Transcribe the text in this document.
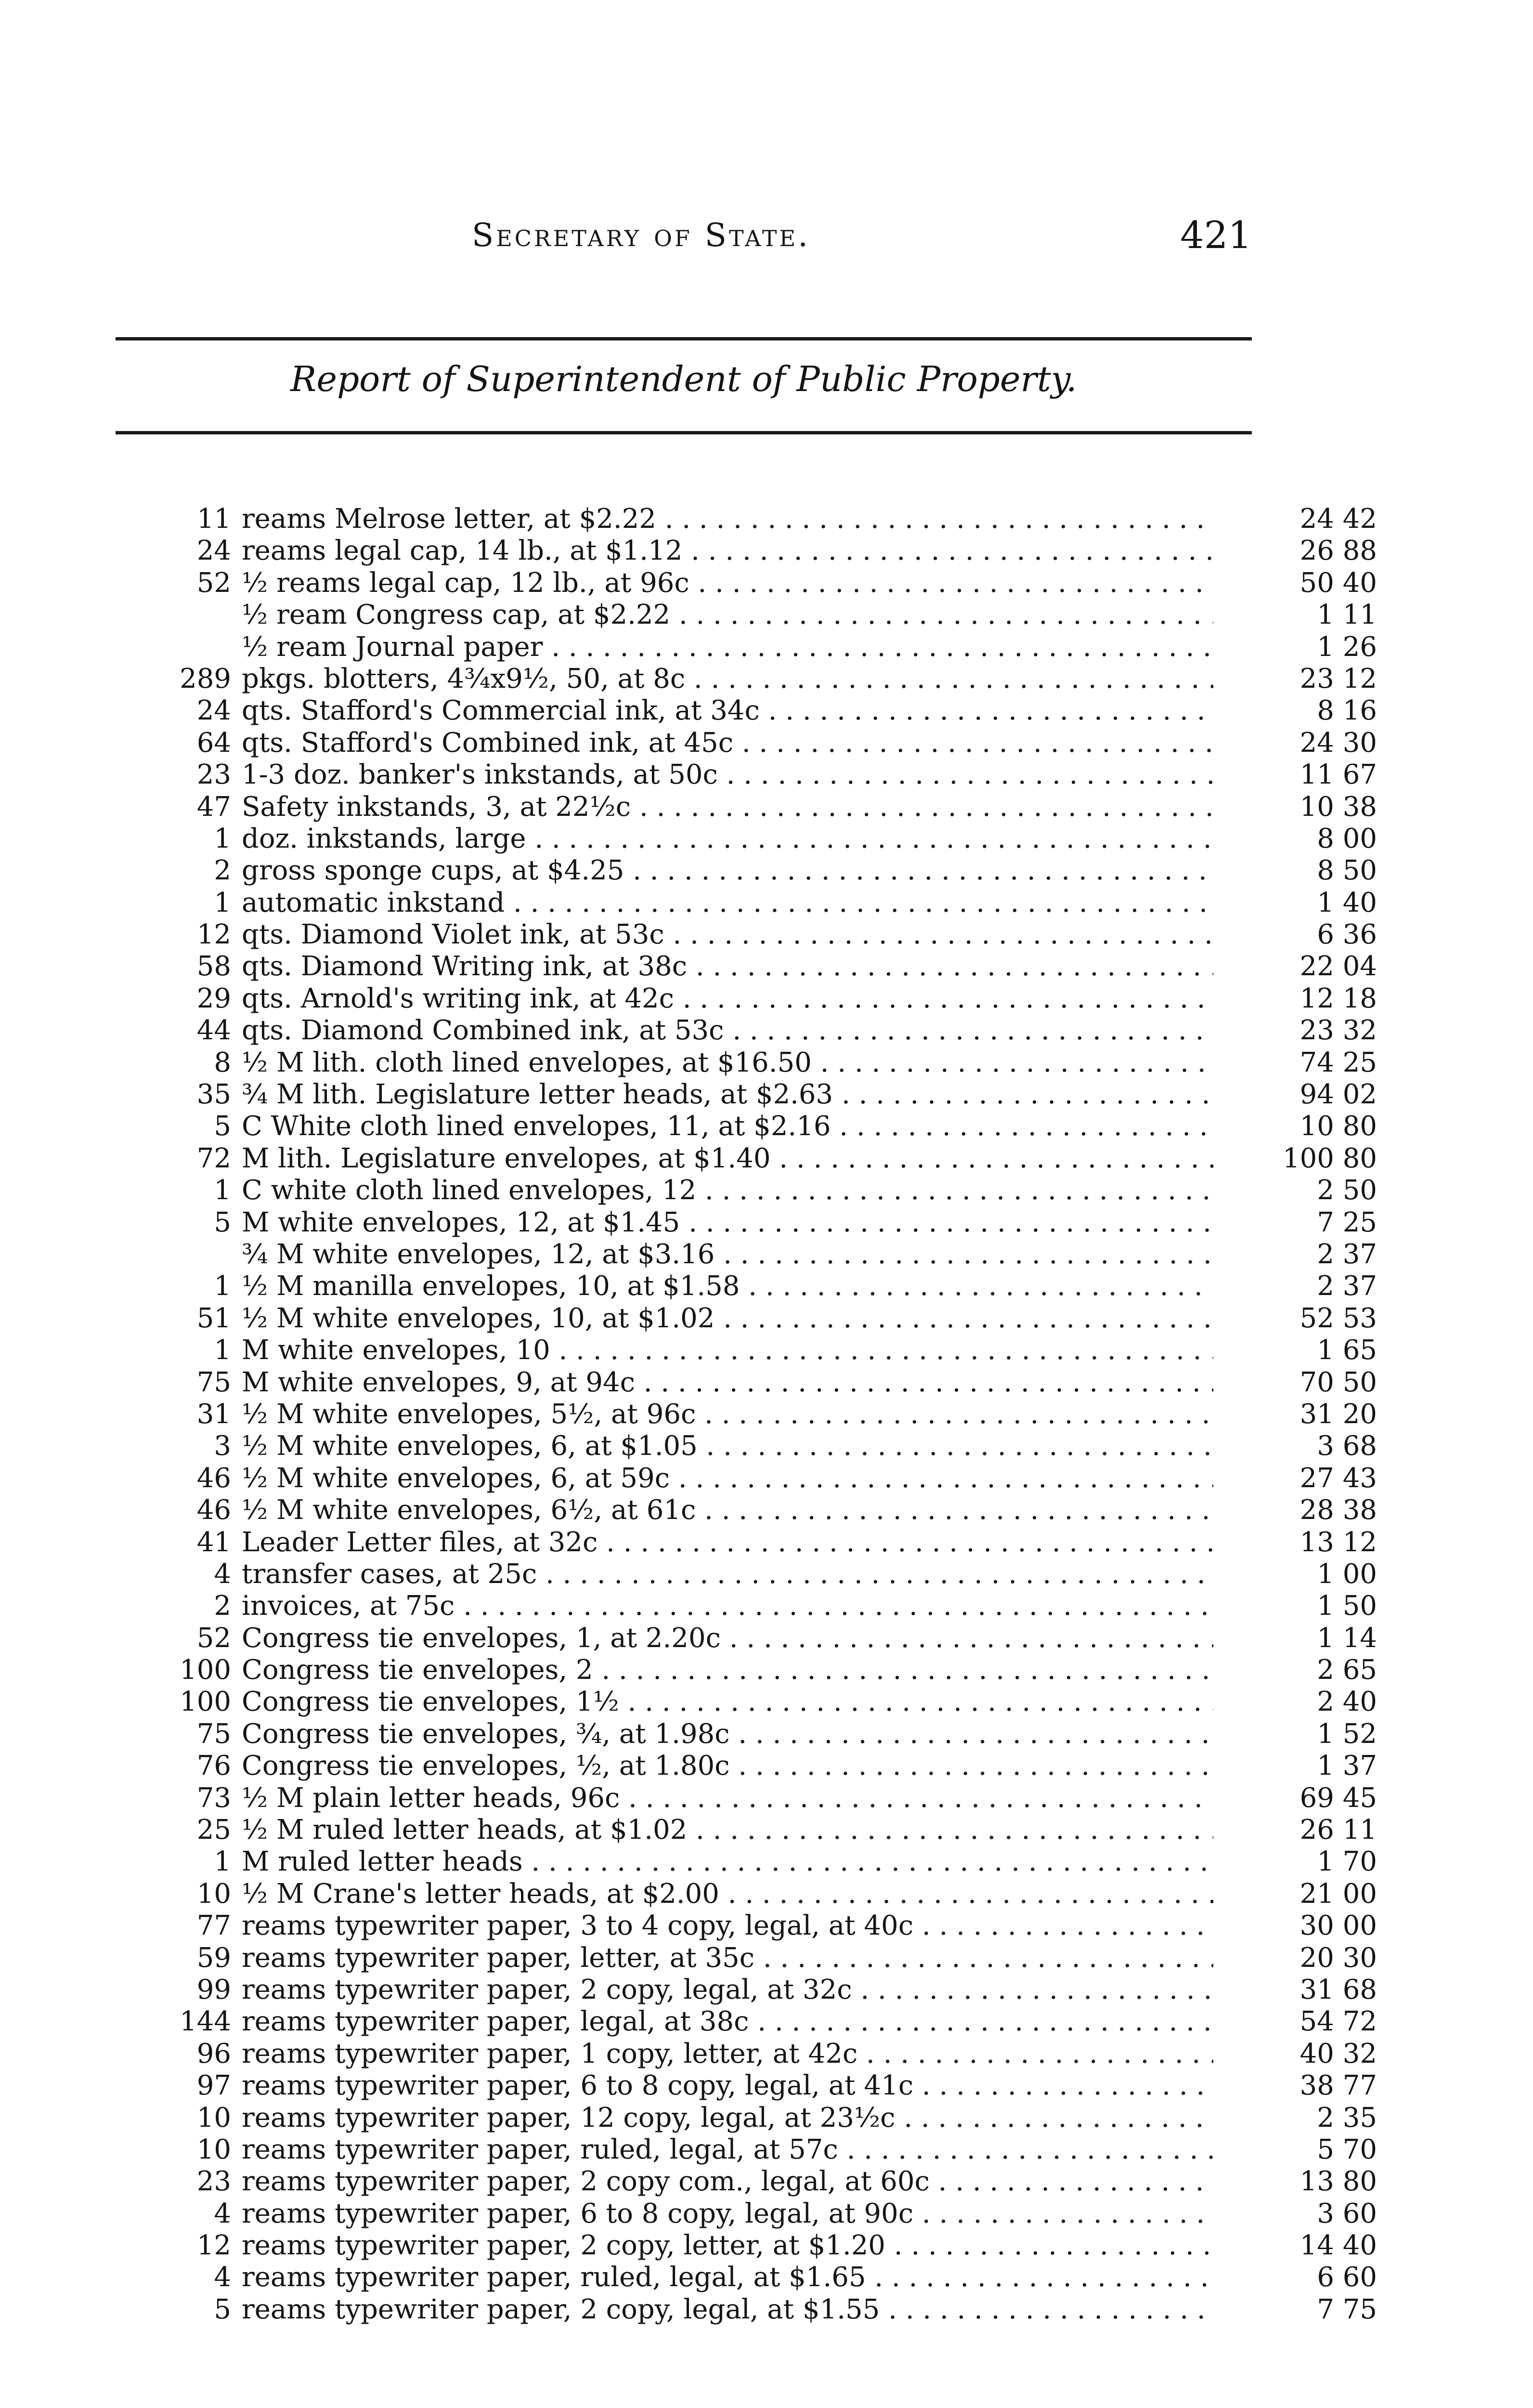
Secretary of State.	421
Report of Superintendent of Public Property.
11 reams Melrose letter, at $2.22 . . .	24 42
24 reams legal cap, 14 lb., at $1.12 . . .	26 88
52 ½ reams legal cap, 12 lb., at 96c . . .	50 40
½ ream Congress cap, at $2.22 . . .	1 11
½ ream Journal paper . . .	1 26
289 pkgs. blotters, 4¾x9½, 50, at 8c . . .	23 12
24 qts. Stafford's Commercial ink, at 34c . . .	8 16
64 qts. Stafford's Combined ink, at 45c . . .	24 30
23 1-3 doz. banker's inkstands, at 50c . . .	11 67
47 Safety inkstands, 3, at 22½c . . .	10 38
1 doz. inkstands, large . . .	8 00
2 gross sponge cups, at $4.25 . . .	8 50
1 automatic inkstand . . .	1 40
12 qts. Diamond Violet ink, at 53c . . .	6 36
58 qts. Diamond Writing ink, at 38c . . .	22 04
29 qts. Arnold's writing ink, at 42c . . .	12 18
44 qts. Diamond Combined ink, at 53c . . .	23 32
8 ½ M lith. cloth lined envelopes, at $16.50 . . .	74 25
35 ¾ M lith. Legislature letter heads, at $2.63 . . .	94 02
5 C White cloth lined envelopes, 11, at $2.16 . . .	10 80
72 M lith. Legislature envelopes, at $1.40 . . .	100 80
1 C white cloth lined envelopes, 12 . . .	2 50
5 M white envelopes, 12, at $1.45 . . .	7 25
¾ M white envelopes, 12, at $3.16 . . .	2 37
1 ½ M manilla envelopes, 10, at $1.58 . . .	2 37
51 ½ M white envelopes, 10, at $1.02 . . .	52 53
1 M white envelopes, 10 . . .	1 65
75 M white envelopes, 9, at 94c . . .	70 50
31 ½ M white envelopes, 5½, at 96c . . .	31 20
3 ½ M white envelopes, 6, at $1.05 . . .	3 68
46 ½ M white envelopes, 6, at 59c . . .	27 43
46 ½ M white envelopes, 6½, at 61c . . .	28 38
41 Leader Letter files, at 32c . . .	13 12
4 transfer cases, at 25c . . .	1 00
2 invoices, at 75c . . .	1 50
52 Congress tie envelopes, 1, at 2.20c . . .	1 14
100 Congress tie envelopes, 2 . . .	2 65
100 Congress tie envelopes, 1½ . . .	2 40
75 Congress tie envelopes, ¾, at 1.98c . . .	1 52
76 Congress tie envelopes, ½, at 1.80c . . .	1 37
73 ½ M plain letter heads, 96c . . .	69 45
25 ½ M ruled letter heads, at $1.02 . . .	26 11
1 M ruled letter heads . . .	1 70
10 ½ M Crane's letter heads, at $2.00 . . .	21 00
77 reams typewriter paper, 3 to 4 copy, legal, at 40c . . .	30 00
59 reams typewriter paper, letter, at 35c . . .	20 30
99 reams typewriter paper, 2 copy, legal, at 32c . . .	31 68
144 reams typewriter paper, legal, at 38c . . .	54 72
96 reams typewriter paper, 1 copy, letter, at 42c . . .	40 32
97 reams typewriter paper, 6 to 8 copy, legal, at 41c . . .	38 77
10 reams typewriter paper, 12 copy, legal, at 23½c . . .	2 35
10 reams typewriter paper, ruled, legal, at 57c . . .	5 70
23 reams typewriter paper, 2 copy com., legal, at 60c . . .	13 80
4 reams typewriter paper, 6 to 8 copy, legal, at 90c . . .	3 60
12 reams typewriter paper, 2 copy, letter, at $1.20 . . .	14 40
4 reams typewriter paper, ruled, legal, at $1.65 . . .	6 60
5 reams typewriter paper, 2 copy, legal, at $1.55 . . .	7 75
